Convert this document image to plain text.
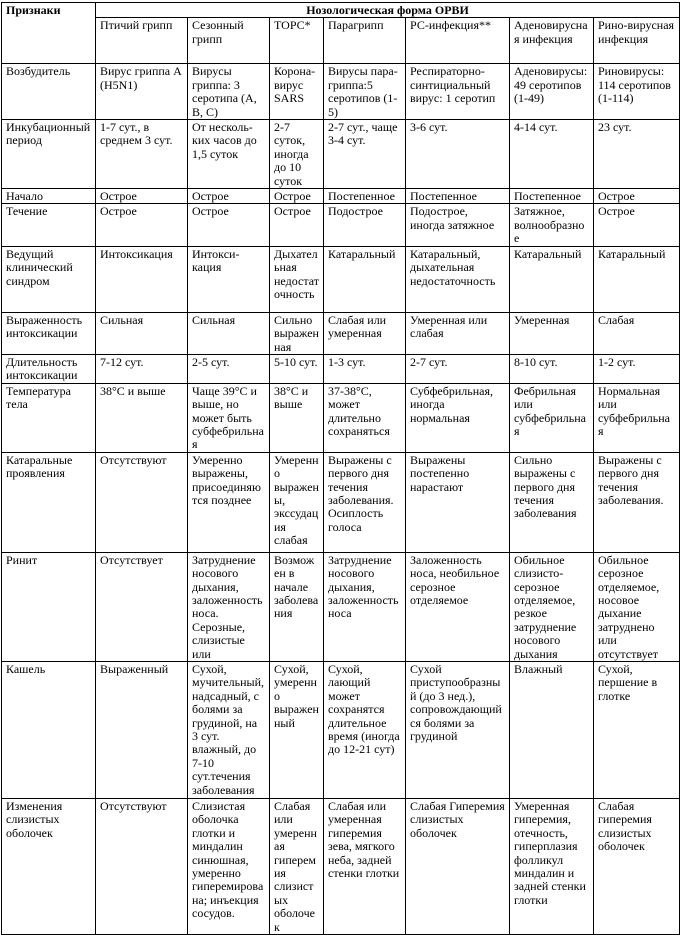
Признаки	Нозологическая форма ОРВИ						
	Птичий грипп	Сезонный грипп	ТОРС*	Парагрипп	РС-инфекция**	Аденовирусная инфекция	Рино-вирусная инфекция
Возбудитель	Вирус гриппа А (H5N1)	Вирусы гриппа: 3 серотипа (А, В, С)	Корона-вирус SARS	Вирусы пара-гриппа:5 серотипов (1-5)	Респираторно-синтициальный вирус: 1 серотип	Аденовирусы: 49 серотипов (1-49)	Риновирусы: 114 серотипов (1-114)
Инкубационный период	1-7 сут., в среднем 3 сут.	От несколь-ких часов до 1,5 суток	2-7 суток, иногда до 10 суток	2-7 сут., чаще 3-4 сут.	3-6 сут.	4-14 сут.	23 сут.
Начало	Острое	Острое	Острое	Постепенное	Постепенное	Постепенное	Острое
Течение	Острое	Острое	Острое	Подострое	Подострое, иногда затяжное	Затяжное, волнообразное	Острое
Ведущий клинический синдром	Интоксикация	Интокси-кация	Дыхательная недостаточность	Катаральный	Катаральный, дыхательная недостаточность	Катаральный	Катаральный
Выраженность интоксикации	Сильная	Сильная	Сильно выраженная	Слабая или умеренная	Умеренная или слабая	Умеренная	Слабая
Длительность интоксикации	7-12 сут.	2-5 сут.	5-10 сут.	1-3 сут.	2-7 сут.	8-10 сут.	1-2 сут.
Температура тела	38°С и выше	Чаще 39°С и выше, но может быть субфебрильная	38°С и выше	37-38°С, может длительно сохраняться	Субфебрильная, иногда нормальная	Фебрильная или субфебрильная	Нормальная или субфебрильная
Катаральные проявления	Отсутствуют	Умеренно выражены, присоединяются позднее	Умеренно выражены, экссудация слабая	Выражены с первого дня течения заболевания. Осиплость голоса	Выражены постепенно нарастают	Сильно выражены с первого дня течения заболевания	Выражены с первого дня течения заболевания.
Ринит	Отсутствует	Затруднение носового дыхания, заложенность носа. Серозные, слизистые или	Возможен в начале заболевания	Затруднение носового дыхания, заложенность носа	Заложенность носа, необильное серозное отделяемое	Обильное слизисто-серозное отделяемое, резкое затруднение носового дыхания	Обильное серозное отделяемое, носовое дыхание затруднено или отсутствует
Кашель	Выраженный	Сухой, мучительный, надсадный, с болями за грудиной, на 3 сут. влажный, до 7-10 сут.течения заболевания	Сухой, умеренно выраженный	Сухой, лающий может сохранятся длительное время (иногда до 12-21 сут)	Сухой приступообразный (до 3 нед.), сопровождающийся болями за грудиной	Влажный	Сухой, першение в глотке
Изменения слизистых оболочек	Отсутствуют	Слизистая оболочка глотки и миндалин синюшная, умеренно гиперемирована; инъекция сосудов.	Слабая или умеренная гиперемия слизистых оболочек	Слабая или умеренная гиперемия зева, мягкого неба, задней стенки глотки	Слабая Гиперемия слизистых оболочек	Умеренная гиперемия, отечность, гиперплазия фолликул миндалин и задней стенки глотки	Слабая гиперемия слизистых оболочек
